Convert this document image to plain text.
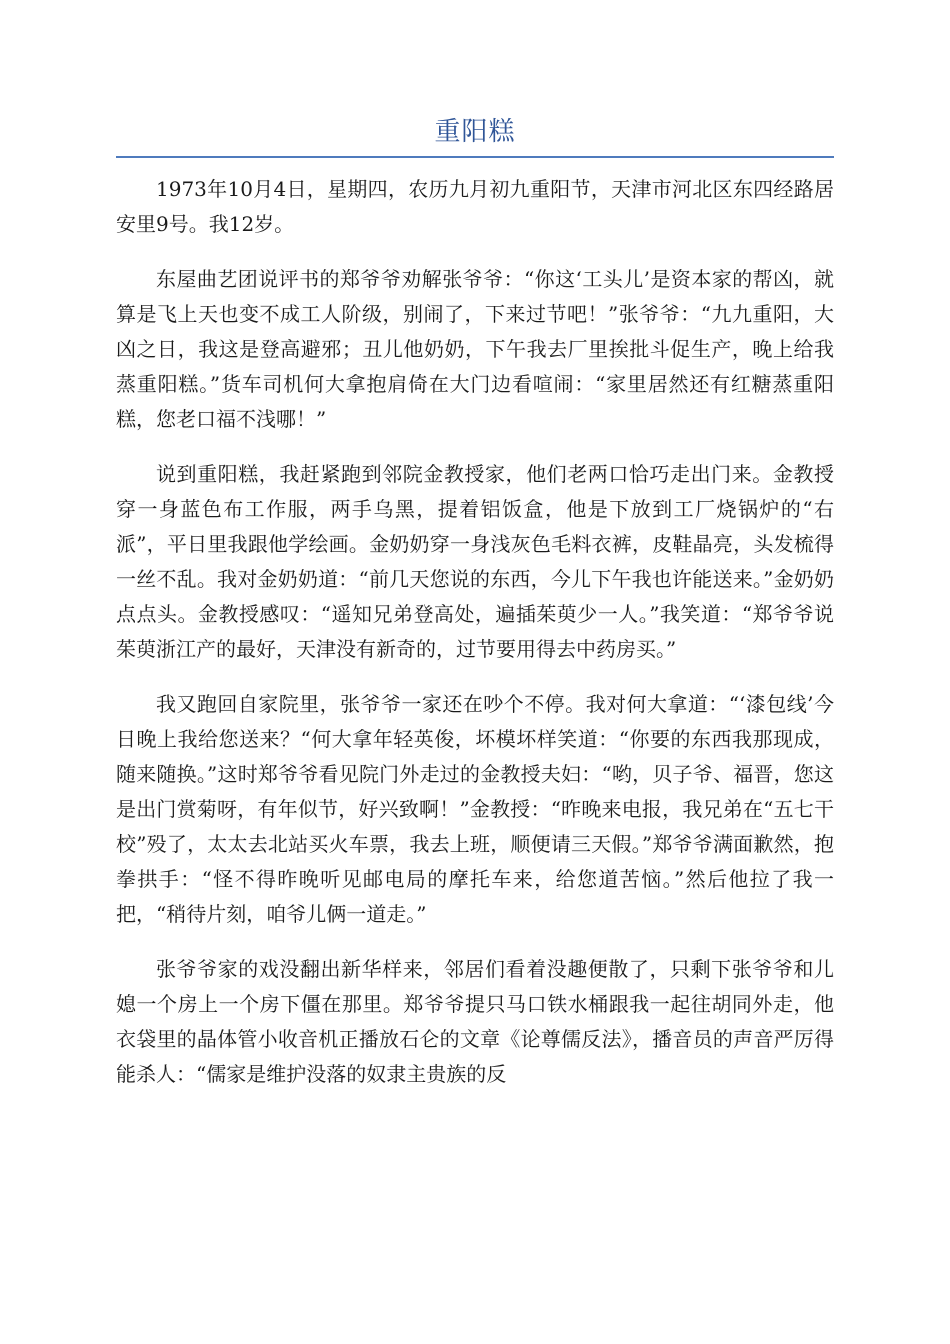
重阳糕

1973年10月4日，星期四，农历九月初九重阳节，天津市河北区东四经路居安里9号。我12岁。

东屋曲艺团说评书的郑爷爷劝解张爷爷：“你这‘工头儿’是资本家的帮凶，就算是飞上天也变不成工人阶级，别闹了，下来过节吧！”张爷爷：“九九重阳，大凶之日，我这是登高避邪；丑儿他奶奶，下午我去厂里挨批斗促生产，晚上给我蒸重阳糕。”货车司机何大拿抱肩倚在大门边看喧闹：“家里居然还有红糖蒸重阳糕，您老口福不浅哪！”

说到重阳糕，我赶紧跑到邻院金教授家，他们老两口恰巧走出门来。金教授穿一身蓝色布工作服，两手乌黑，提着铝饭盒，他是下放到工厂烧锅炉的“右派”，平日里我跟他学绘画。金奶奶穿一身浅灰色毛料衣裤，皮鞋晶亮，头发梳得一丝不乱。我对金奶奶道：“前几天您说的东西，今儿下午我也许能送来。”金奶奶点点头。金教授感叹：“遥知兄弟登高处，遍插茱萸少一人。”我笑道：“郑爷爷说茱萸浙江产的最好，天津没有新奇的，过节要用得去中药房买。”

我又跑回自家院里，张爷爷一家还在吵个不停。我对何大拿道：“‘漆包线’今日晚上我给您送来？“何大拿年轻英俊，坏模坏样笑道：“你要的东西我那现成，随来随换。”这时郑爷爷看见院门外走过的金教授夫妇：“哟，贝子爷、福晋，您这是出门赏菊呀，有年似节，好兴致啊！”金教授：“昨晚来电报，我兄弟在“五七干校”殁了，太太去北站买火车票，我去上班，顺便请三天假。”郑爷爷满面歉然，抱拳拱手：“怪不得昨晚听见邮电局的摩托车来，给您道苦恼。”然后他拉了我一把，“稍待片刻，咱爷儿俩一道走。”

张爷爷家的戏没翻出新华样来，邻居们看着没趣便散了，只剩下张爷爷和儿媳一个房上一个房下僵在那里。郑爷爷提只马口铁水桶跟我一起往胡同外走，他衣袋里的晶体管小收音机正播放石仑的文章《论尊儒反法》，播音员的声音严厉得能杀人：“儒家是维护没落的奴隶主贵族的反
